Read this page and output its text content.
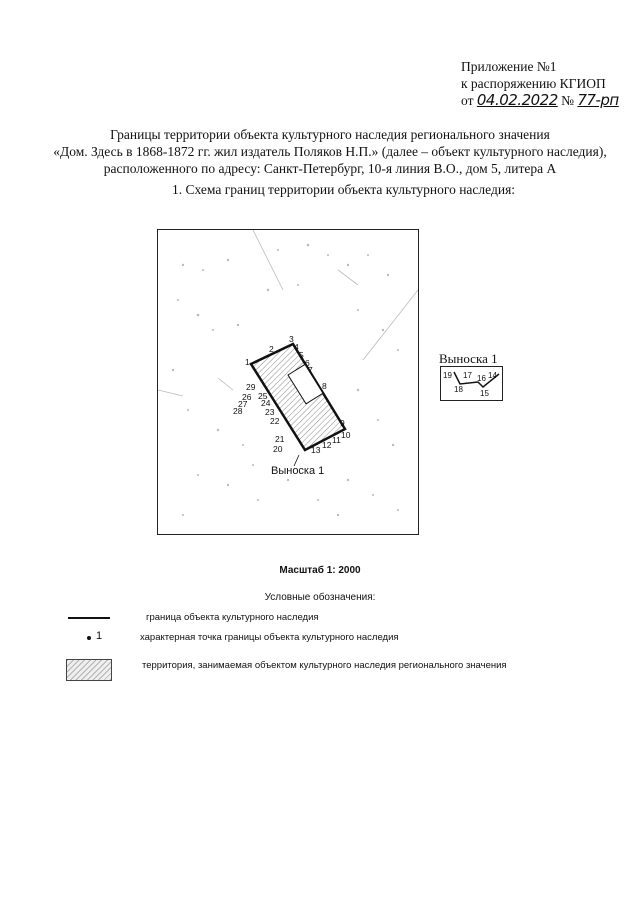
Приложение №1
к распоряжению КГИОП
от 04.02.2022 № 77-рп
Границы территории объекта культурного наследия регионального значения
«Дом. Здесь в 1868-1872 гг. жил издатель Поляков Н.П.» (далее – объект культурного наследия),
расположенного по адресу: Санкт-Петербург, 10-я линия В.О., дом 5, литера А
1. Схема границ территории объекта культурного наследия:
1
2
3
4
5
6
7
8
9
10
11
12
13
20
21
22
23
24
25
26
27
28
29
Выноска 1
Выноска 1
19 17 16 14
18 15
Масштаб 1: 2000
Условные обозначения:
граница объекта культурного наследия
1	характерная точка границы объекта культурного наследия
территория, занимаемая объектом культурного наследия регионального значения
